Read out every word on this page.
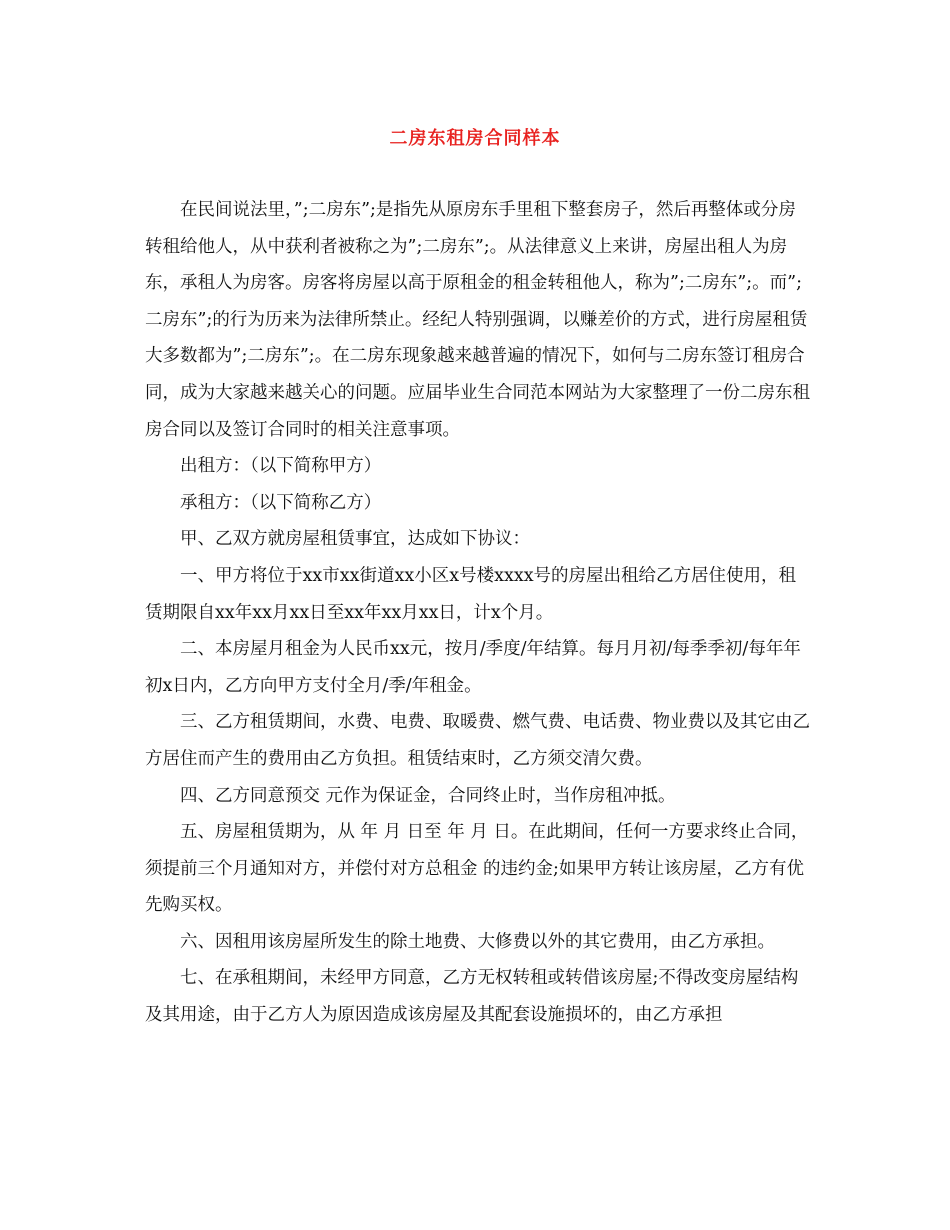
二房东租房合同样本

在民间说法里，”;二房东”;是指先从原房东手里租下整套房子，然后再整体或分房转租给他人，从中获利者被称之为”;二房东”;。从法律意义上来讲，房屋出租人为房东，承租人为房客。房客将房屋以高于原租金的租金转租他人，称为”;二房东”;。而”;二房东”;的行为历来为法律所禁止。经纪人特别强调，以赚差价的方式，进行房屋租赁大多数都为”;二房东”;。在二房东现象越来越普遍的情况下，如何与二房东签订租房合同，成为大家越来越关心的问题。应届毕业生合同范本网站为大家整理了一份二房东租房合同以及签订合同时的相关注意事项。

出租方：（以下简称甲方）

承租方：（以下简称乙方）

甲、乙双方就房屋租赁事宜，达成如下协议：

一、甲方将位于xx市xx街道xx小区x号楼xxxx号的房屋出租给乙方居住使用，租赁期限自xx年xx月xx日至xx年xx月xx日，计x个月。

二、本房屋月租金为人民币xx元，按月/季度/年结算。每月月初/每季季初/每年年初x日内，乙方向甲方支付全月/季/年租金。

三、乙方租赁期间，水费、电费、取暖费、燃气费、电话费、物业费以及其它由乙方居住而产生的费用由乙方负担。租赁结束时，乙方须交清欠费。

四、乙方同意预交 元作为保证金，合同终止时，当作房租冲抵。

五、房屋租赁期为，从 年 月 日至 年 月 日。在此期间，任何一方要求终止合同，须提前三个月通知对方，并偿付对方总租金 的违约金;如果甲方转让该房屋，乙方有优先购买权。

六、因租用该房屋所发生的除土地费、大修费以外的其它费用，由乙方承担。

七、在承租期间，未经甲方同意，乙方无权转租或转借该房屋;不得改变房屋结构及其用途，由于乙方人为原因造成该房屋及其配套设施损坏的，由乙方承担
